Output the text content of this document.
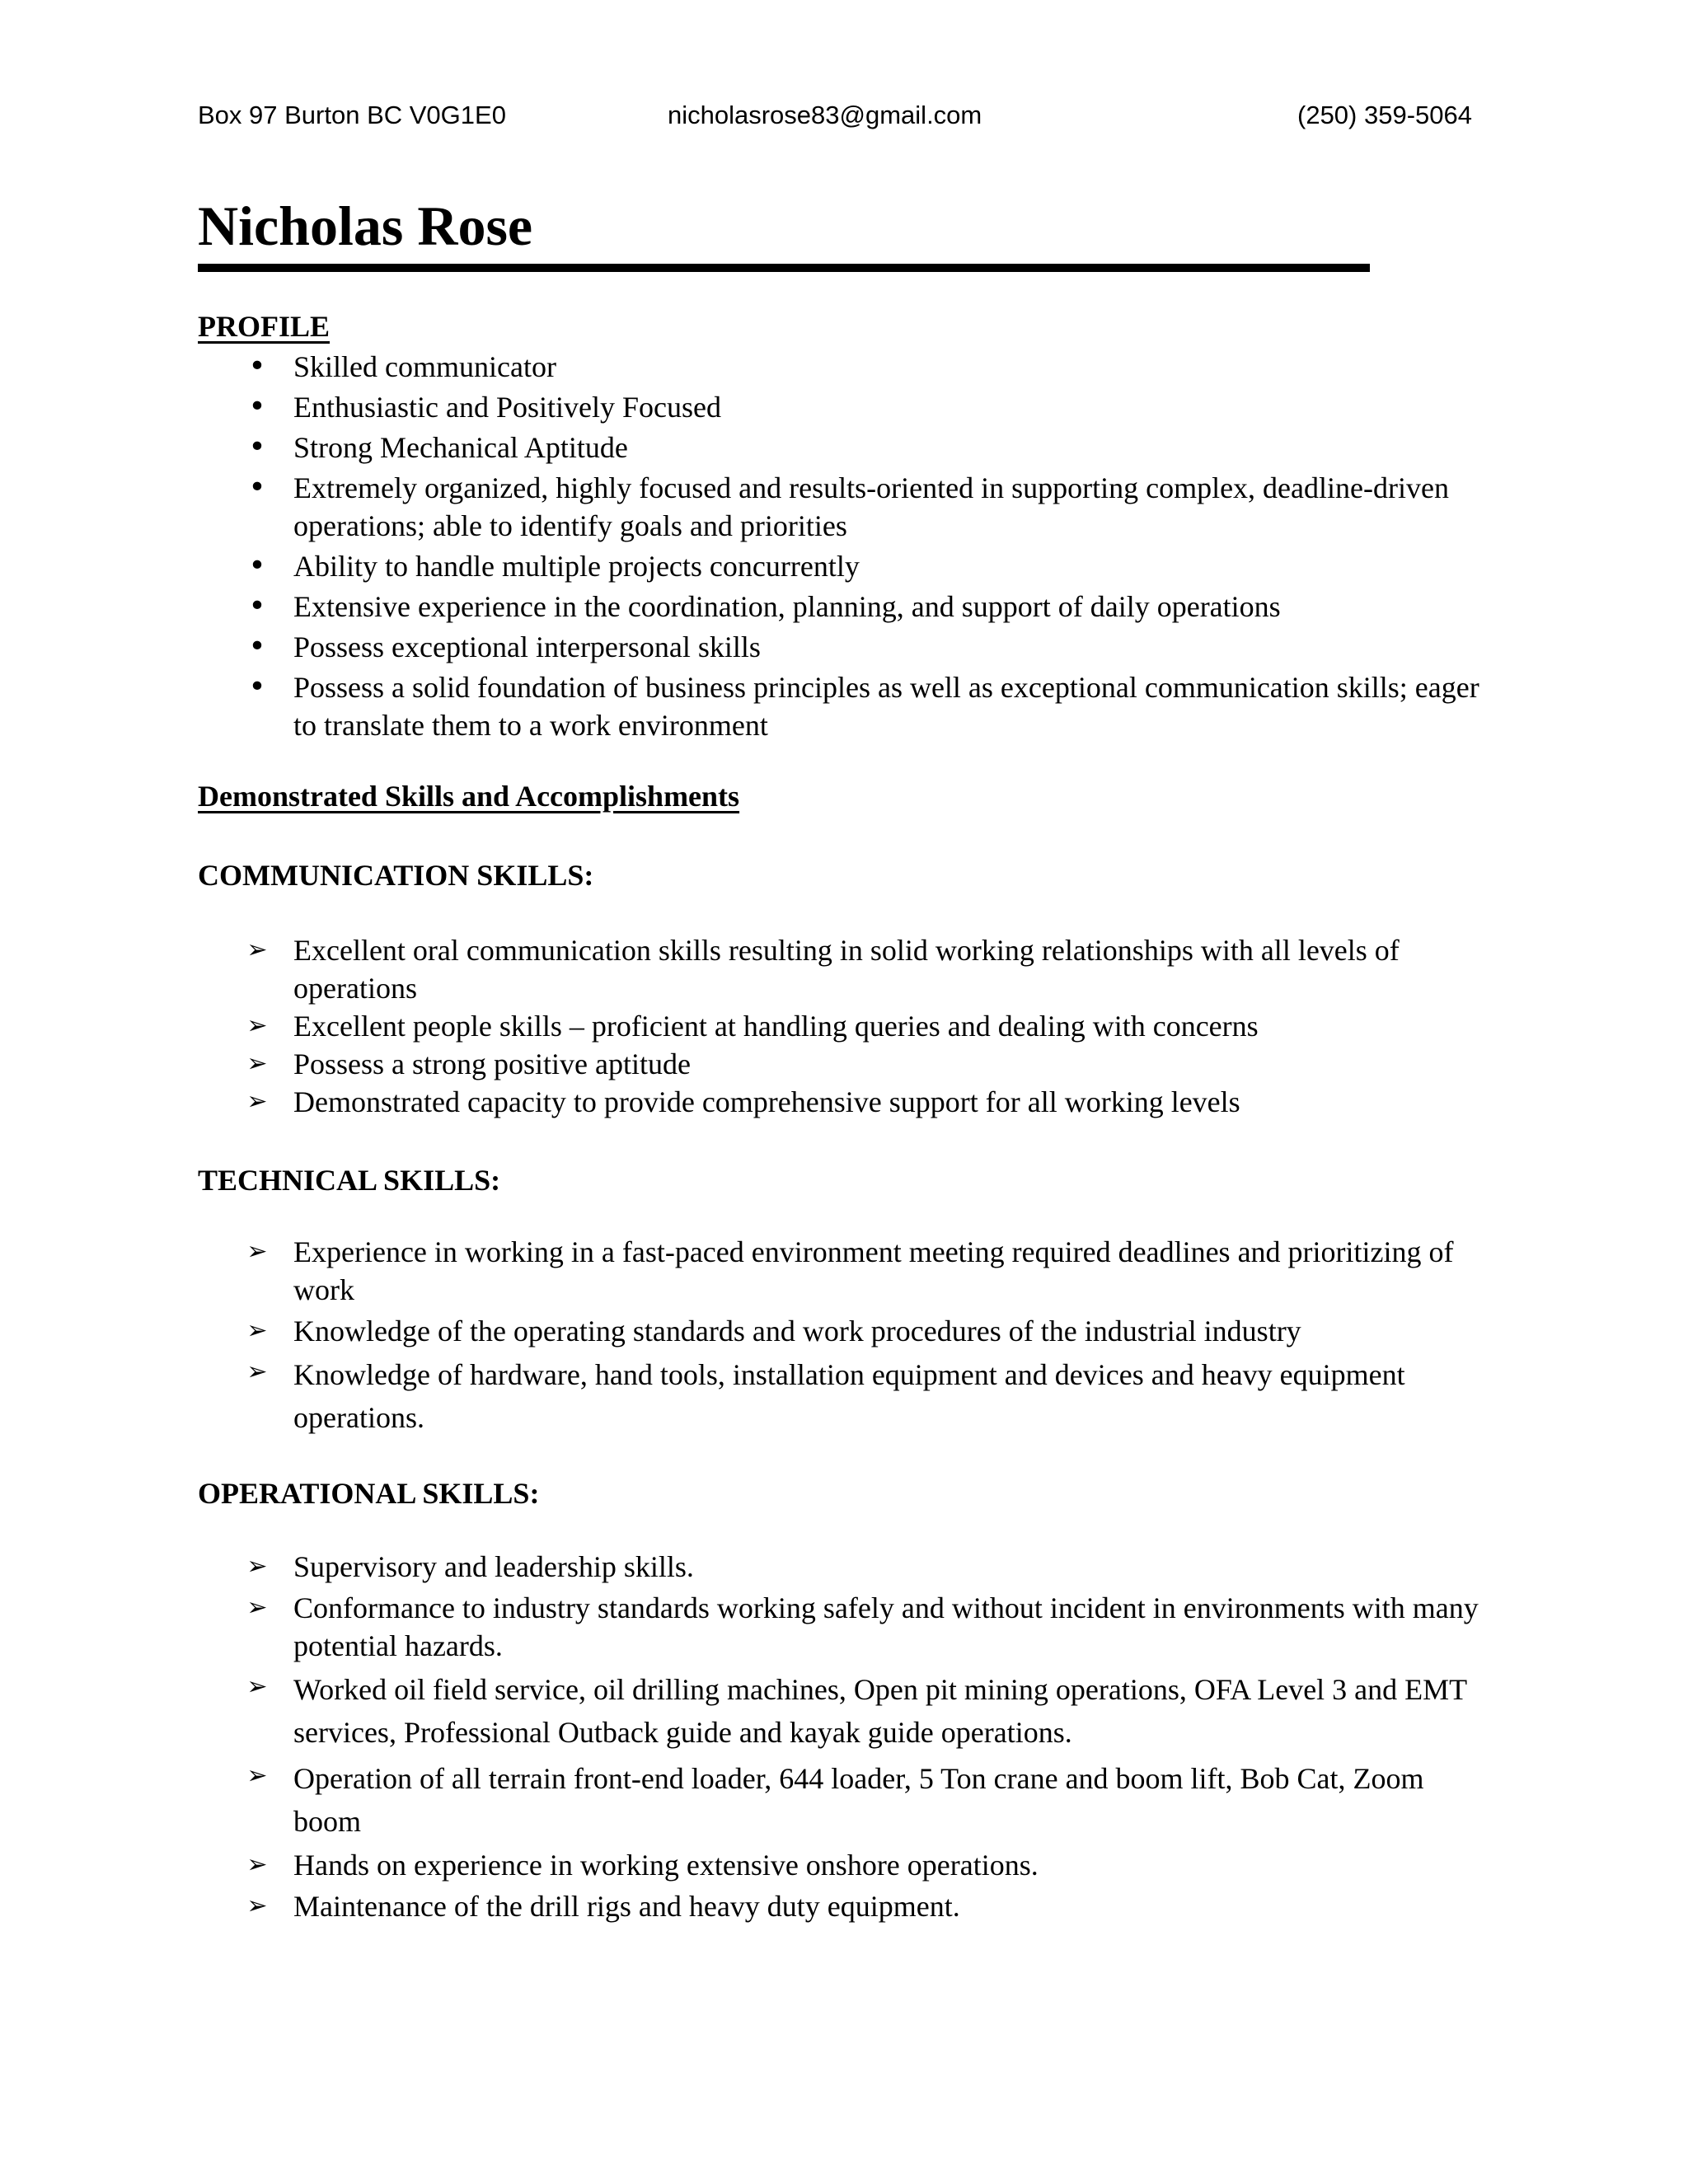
Box 97 Burton BC V0G1E0	nicholasrose83@gmail.com	(250) 359-5064
Nicholas Rose
PROFILE
• Skilled communicator
• Enthusiastic and Positively Focused
• Strong Mechanical Aptitude
• Extremely organized, highly focused and results-oriented in supporting complex, deadline-driven operations; able to identify goals and priorities
• Ability to handle multiple projects concurrently
• Extensive experience in the coordination, planning, and support of daily operations
• Possess exceptional interpersonal skills
• Possess a solid foundation of business principles as well as exceptional communication skills; eager to translate them to a work environment
Demonstrated Skills and Accomplishments
COMMUNICATION SKILLS:
➢ Excellent oral communication skills resulting in solid working relationships with all levels of operations
➢ Excellent people skills – proficient at handling queries and dealing with concerns
➢ Possess a strong positive aptitude
➢ Demonstrated capacity to provide comprehensive support for all working levels
TECHNICAL SKILLS:
➢ Experience in working in a fast-paced environment meeting required deadlines and prioritizing of work
➢ Knowledge of the operating standards and work procedures of the industrial industry
➢ Knowledge of hardware, hand tools, installation equipment and devices and heavy equipment operations.
OPERATIONAL SKILLS:
➢ Supervisory and leadership skills.
➢ Conformance to industry standards working safely and without incident in environments with many potential hazards.
➢ Worked oil field service, oil drilling machines, Open pit mining operations, OFA Level 3 and EMT services, Professional Outback guide and kayak guide operations.
➢ Operation of all terrain front-end loader, 644 loader, 5 Ton crane and boom lift, Bob Cat, Zoom boom
➢ Hands on experience in working extensive onshore operations.
➢ Maintenance of the drill rigs and heavy duty equipment.
